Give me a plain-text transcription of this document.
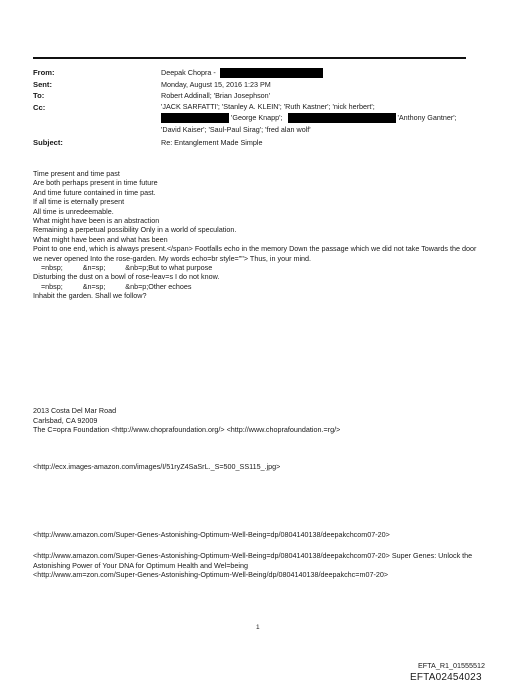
From:	Deepak Chopra -
Sent:	Monday, August 15, 2016 1:23 PM
To:	Robert Addinall; 'Brian Josephson'
Cc:	'JACK SARFATTI'; 'Stanley A. KLEIN'; 'Ruth Kastner'; 'nick herbert';
'George Knapp';	'Anthony Gantner';
'David Kaiser'; 'Saul-Paul Sirag'; 'fred alan wolf'
Subject:	Re: Entanglement Made Simple
Time present and time past
Are both perhaps present in time future
And time future contained in time past.
If all time is eternally present
All time is unredeemable.
What might have been is an abstraction
Remaining a perpetual possibility Only in a world of speculation.
What might have been and what has been
Point to one end, which is always present.</span> Footfalls echo in the memory Down the passage which we did not take Towards the door we never opened Into the rose-garden. My words echo=br style=""> Thus, in your mind.
=nbsp;          &n=sp;          &nb=p;But to what purpose
Disturbing the dust on a bowl of rose-leav=s I do not know.
=nbsp;          &n=sp;          &nb=p;Other echoes
Inhabit the garden. Shall we follow?
2013 Costa Del Mar Road
Carlsbad, CA 92009
The C=opra Foundation <http://www.choprafoundation.org/> <http://www.choprafoundation.=rg/>
<http://ecx.images-amazon.com/images/I/51ryZ4SaSrL._S=500_SS115_.jpg>
<http://www.amazon.com/Super-Genes-Astonishing-Optimum-Well-Being=dp/0804140138/deepakchcom07-20>
<http://www.amazon.com/Super-Genes-Astonishing-Optimum-Well-Being=dp/0804140138/deepakchcom07-20> Super Genes: Unlock the Astonishing Power of Your DNA for Optimum Health and Wel=being
<http://www.am=zon.com/Super-Genes-Astonishing-Optimum-Well-Being/dp/0804140138/deepakchc=m07-20>
1
EFTA_R1_01555512
EFTA02454023
